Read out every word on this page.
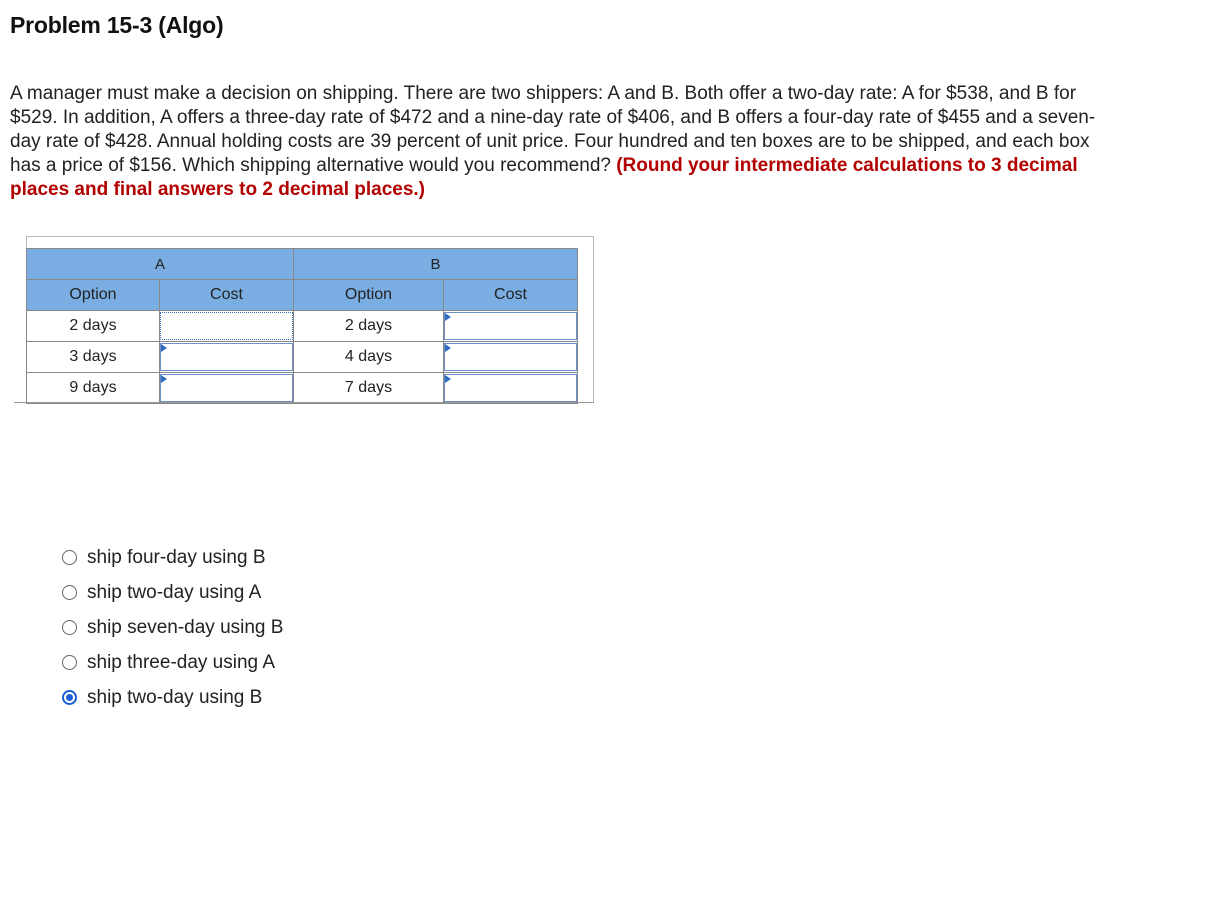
Problem 15-3 (Algo)
A manager must make a decision on shipping. There are two shippers: A and B. Both offer a two-day rate: A for $538, and B for $529. In addition, A offers a three-day rate of $472 and a nine-day rate of $406, and B offers a four-day rate of $455 and a seven-day rate of $428. Annual holding costs are 39 percent of unit price. Four hundred and ten boxes are to be shipped, and each box has a price of $156. Which shipping alternative would you recommend? (Round your intermediate calculations to 3 decimal places and final answers to 2 decimal places.)
A		B	
Option	Cost	Option	Cost
2 days		2 days	

3 days		4 days	

9 days		7 days	
ship four-day using B
ship two-day using A
ship seven-day using B
ship three-day using A
ship two-day using B
